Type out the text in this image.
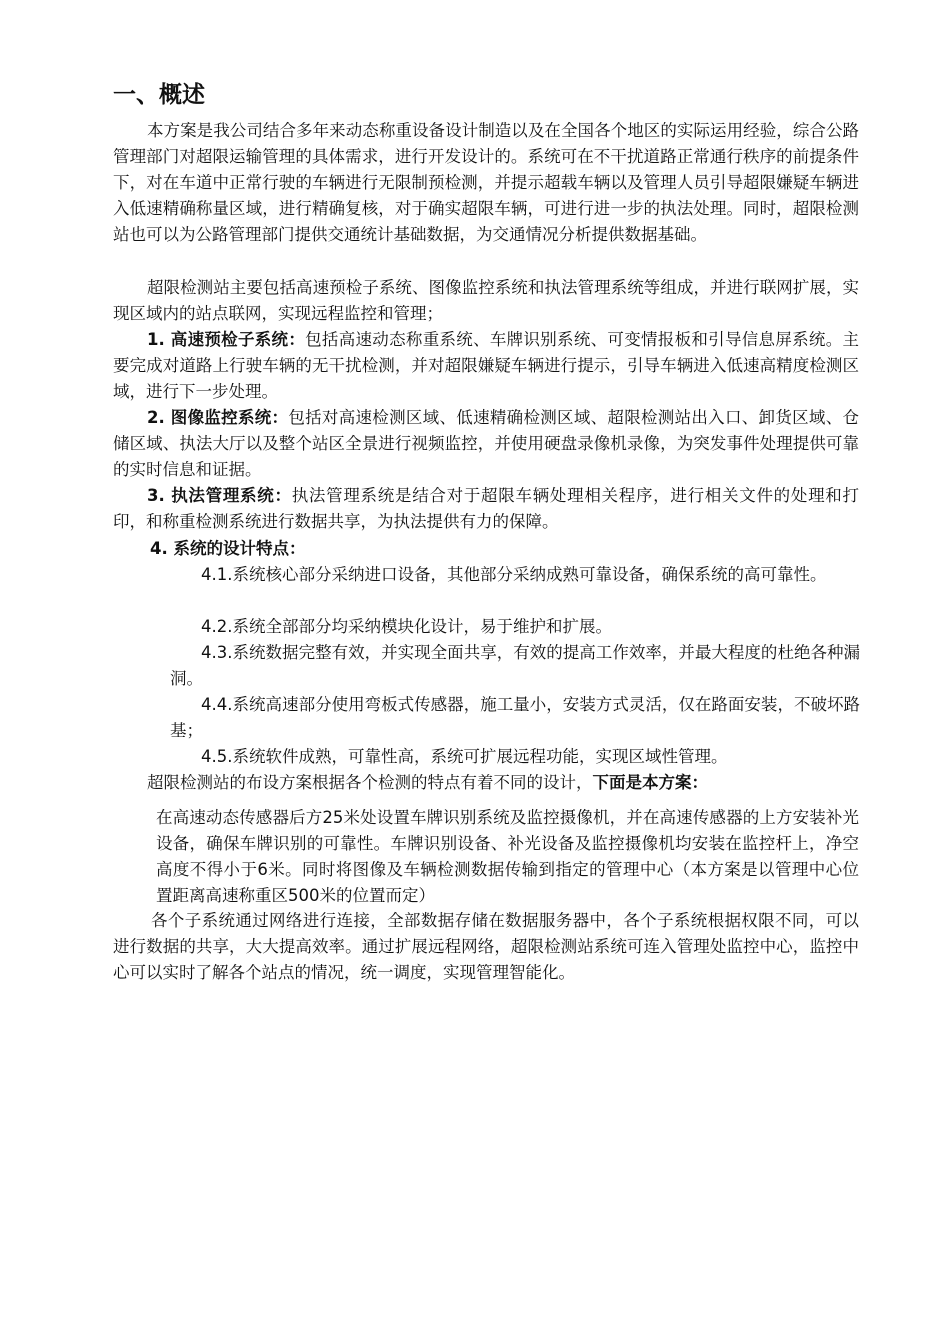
一、概述

本方案是我公司结合多年来动态称重设备设计制造以及在全国各个地区的实际运用经验，综合公路管理部门对超限运输管理的具体需求，进行开发设计的。系统可在不干扰道路正常通行秩序的前提条件下，对在车道中正常行驶的车辆进行无限制预检测，并提示超载车辆以及管理人员引导超限嫌疑车辆进入低速精确称量区域，进行精确复核，对于确实超限车辆，可进行进一步的执法处理。同时，超限检测站也可以为公路管理部门提供交通统计基础数据，为交通情况分析提供数据基础。

超限检测站主要包括高速预检子系统、图像监控系统和执法管理系统等组成，并进行联网扩展，实现区域内的站点联网，实现远程监控和管理；

1. 高速预检子系统：包括高速动态称重系统、车牌识别系统、可变情报板和引导信息屏系统。主要完成对道路上行驶车辆的无干扰检测，并对超限嫌疑车辆进行提示，引导车辆进入低速高精度检测区域，进行下一步处理。

2. 图像监控系统：包括对高速检测区域、低速精确检测区域、超限检测站出入口、卸货区域、仓储区域、执法大厅以及整个站区全景进行视频监控，并使用硬盘录像机录像，为突发事件处理提供可靠的实时信息和证据。

3. 执法管理系统：执法管理系统是结合对于超限车辆处理相关程序，进行相关文件的处理和打印，和称重检测系统进行数据共享，为执法提供有力的保障。

4. 系统的设计特点：

4.1.系统核心部分采纳进口设备，其他部分采纳成熟可靠设备，确保系统的高可靠性。

4.2.系统全部部分均采纳模块化设计，易于维护和扩展。

4.3.系统数据完整有效，并实现全面共享，有效的提高工作效率，并最大程度的杜绝各种漏洞。

4.4.系统高速部分使用弯板式传感器，施工量小，安装方式灵活，仅在路面安装，不破坏路基；

4.5.系统软件成熟，可靠性高，系统可扩展远程功能，实现区域性管理。

超限检测站的布设方案根据各个检测的特点有着不同的设计，下面是本方案：

在高速动态传感器后方25米处设置车牌识别系统及监控摄像机，并在高速传感器的上方安装补光设备，确保车牌识别的可靠性。车牌识别设备、补光设备及监控摄像机均安装在监控杆上，净空高度不得小于6米。同时将图像及车辆检测数据传输到指定的管理中心（本方案是以管理中心位置距离高速称重区500米的位置而定）

各个子系统通过网络进行连接，全部数据存储在数据服务器中，各个子系统根据权限不同，可以进行数据的共享，大大提高效率。通过扩展远程网络，超限检测站系统可连入管理处监控中心，监控中心可以实时了解各个站点的情况，统一调度，实现管理智能化。
